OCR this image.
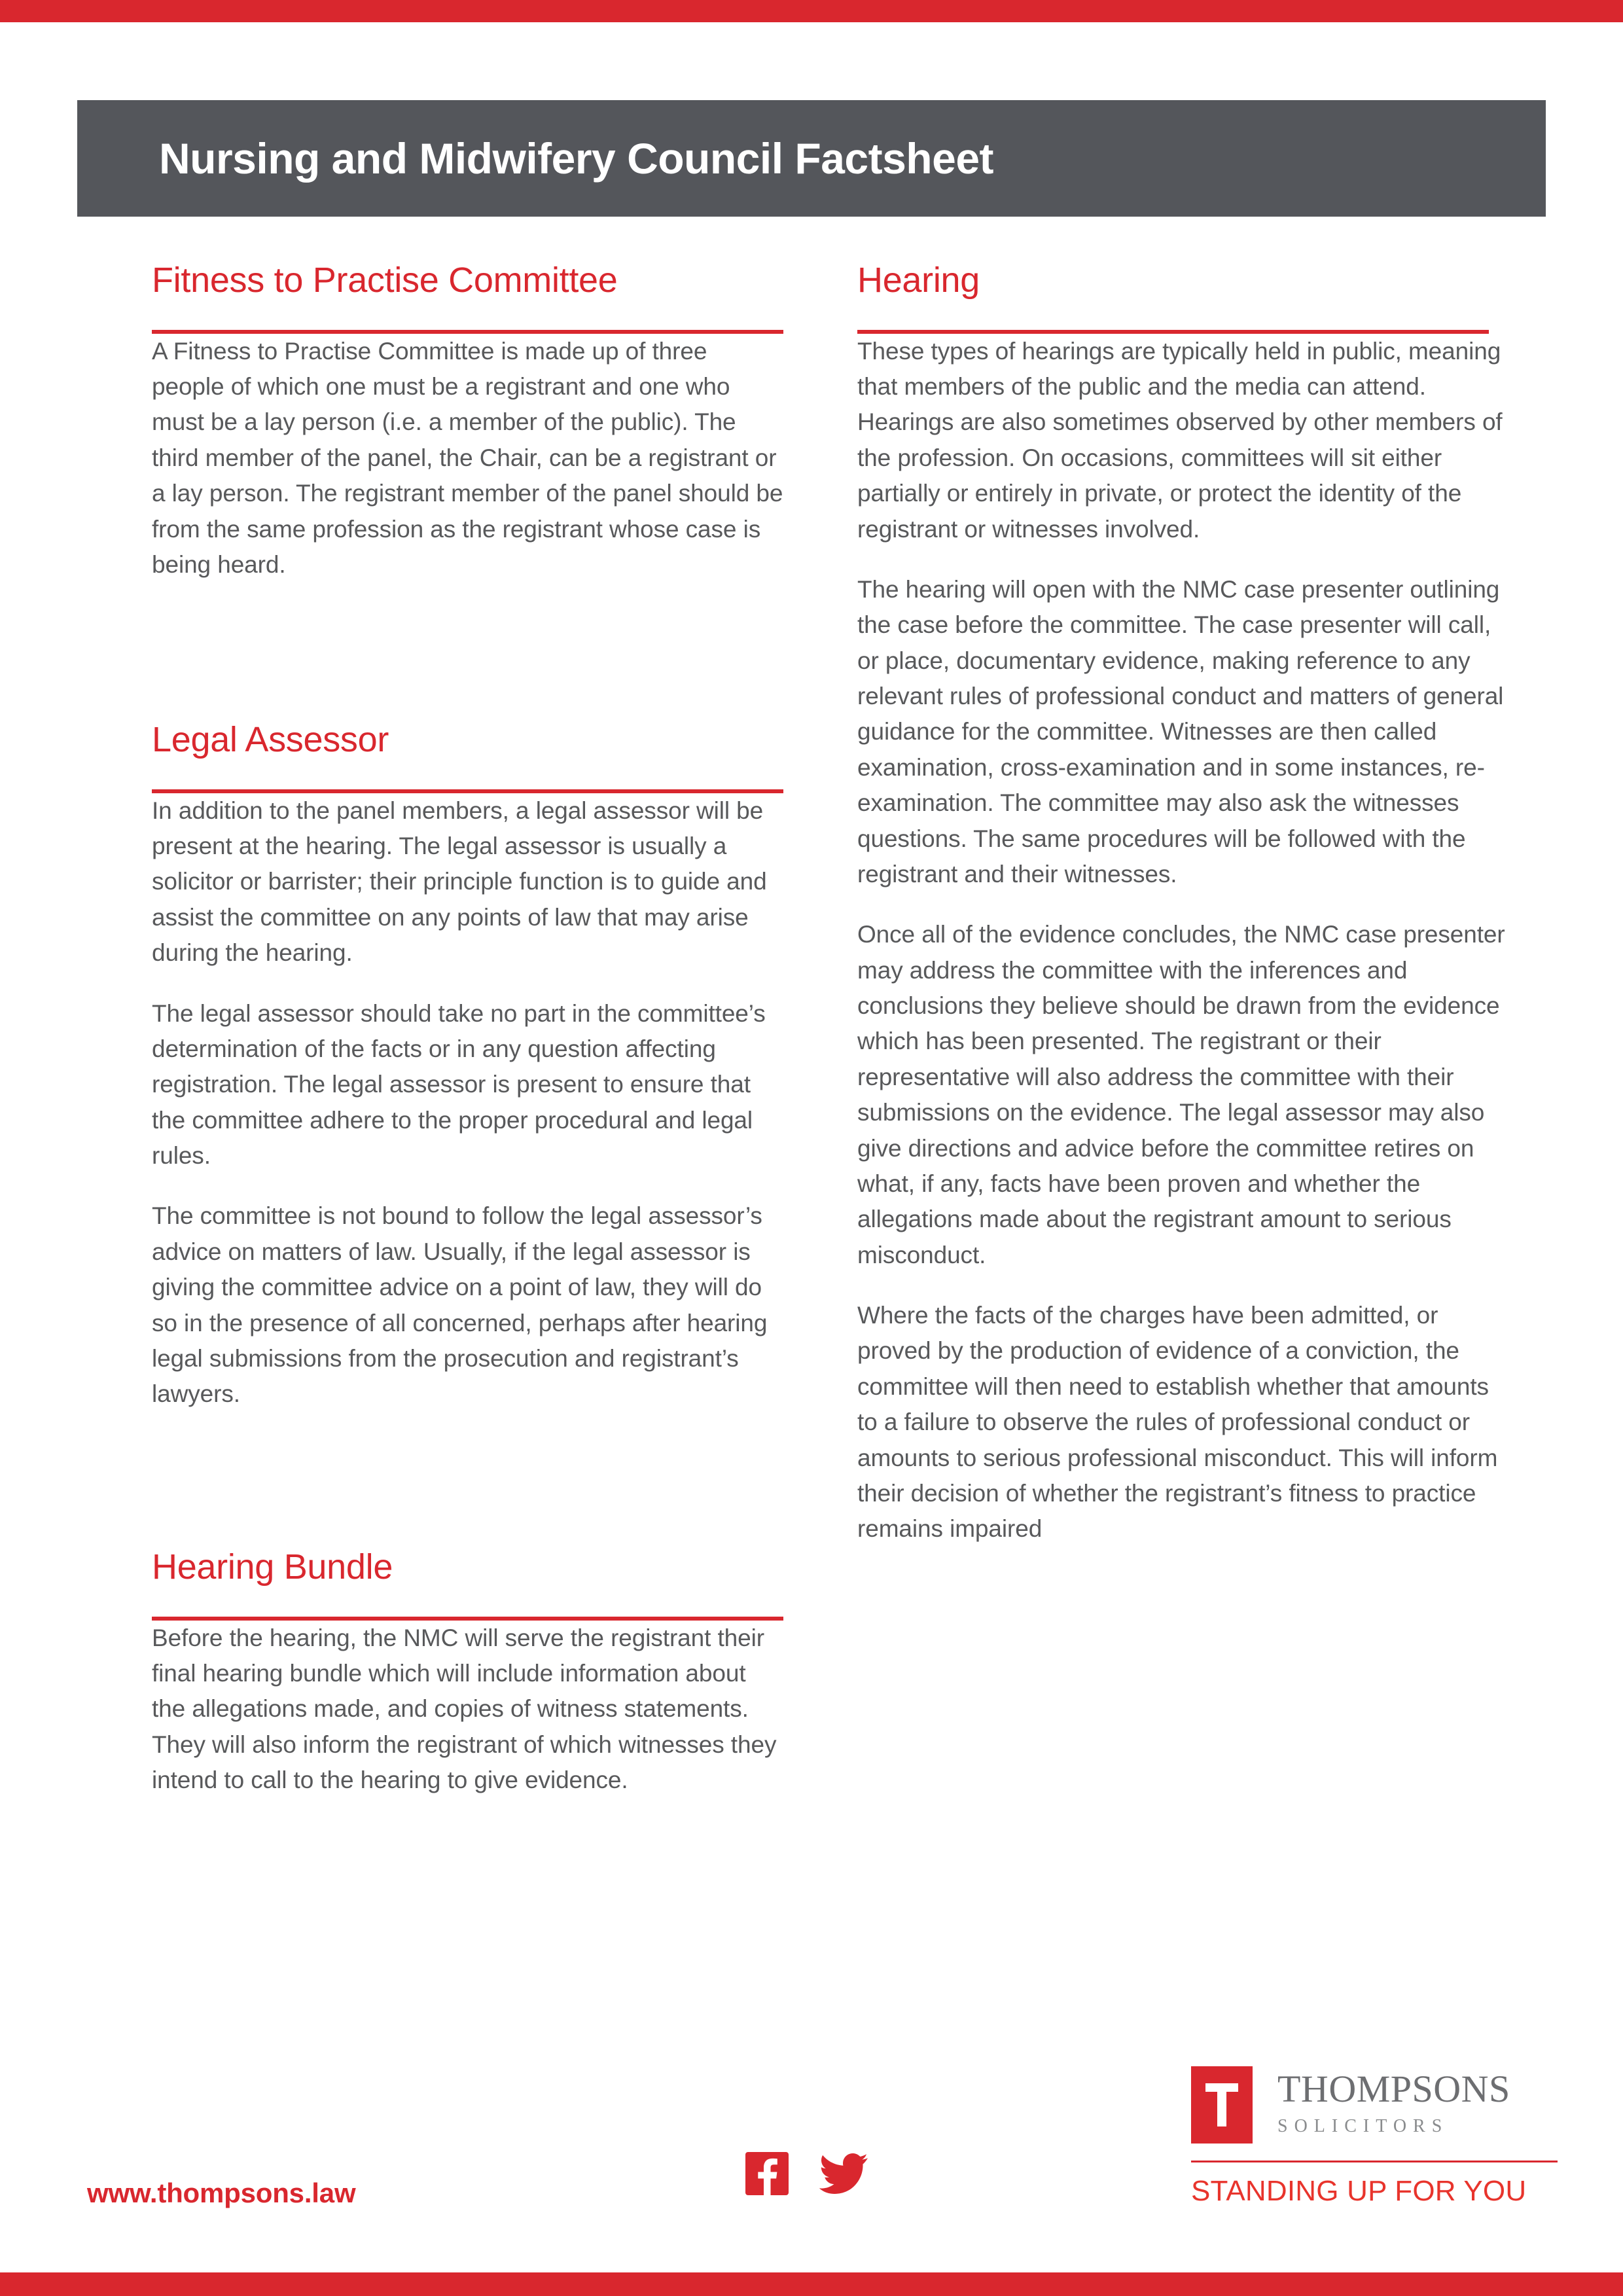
Nursing and Midwifery Council Factsheet
Fitness to Practise Committee

A Fitness to Practise Committee is made up of three people of which one must be a registrant and one who must be a lay person (i.e. a member of the public). The third member of the panel, the Chair, can be a registrant or a lay person. The registrant member of the panel should be from the same profession as the registrant whose case is being heard.

Legal Assessor

In addition to the panel members, a legal assessor will be present at the hearing. The legal assessor is usually a solicitor or barrister; their principle function is to guide and assist the committee on any points of law that may arise during the hearing.

The legal assessor should take no part in the committee’s determination of the facts or in any question affecting registration. The legal assessor is present to ensure that the committee adhere to the proper procedural and legal rules.

The committee is not bound to follow the legal assessor’s advice on matters of law. Usually, if the legal assessor is giving the committee advice on a point of law, they will do so in the presence of all concerned, perhaps after hearing legal submissions from the prosecution and registrant’s lawyers.

Hearing Bundle

Before the hearing, the NMC will serve the registrant their final hearing bundle which will include information about the allegations made, and copies of witness statements. They will also inform the registrant of which witnesses they intend to call to the hearing to give evidence.

Hearing

These types of hearings are typically held in public, meaning that members of the public and the media can attend. Hearings are also sometimes observed by other members of the profession. On occasions, committees will sit either partially or entirely in private, or protect the identity of the registrant or witnesses involved.

The hearing will open with the NMC case presenter outlining the case before the committee. The case presenter will call, or place, documentary evidence, making reference to any relevant rules of professional conduct and matters of general guidance for the committee. Witnesses are then called examination, cross-examination and in some instances, re-examination. The committee may also ask the witnesses questions. The same procedures will be followed with the registrant and their witnesses.

Once all of the evidence concludes, the NMC case presenter may address the committee with the inferences and conclusions they believe should be drawn from the evidence which has been presented. The registrant or their representative will also address the committee with their submissions on the evidence. The legal assessor may also give directions and advice before the committee retires on what, if any, facts have been proven and whether the allegations made about the registrant amount to serious misconduct.

Where the facts of the charges have been admitted, or proved by the production of evidence of a conviction, the committee will then need to establish whether that amounts to a failure to observe the rules of professional conduct or amounts to serious professional misconduct. This will inform their decision of whether the registrant’s fitness to practice remains impaired

www.thompsons.law
THOMPSONS
SOLICITORS
STANDING UP FOR YOU
